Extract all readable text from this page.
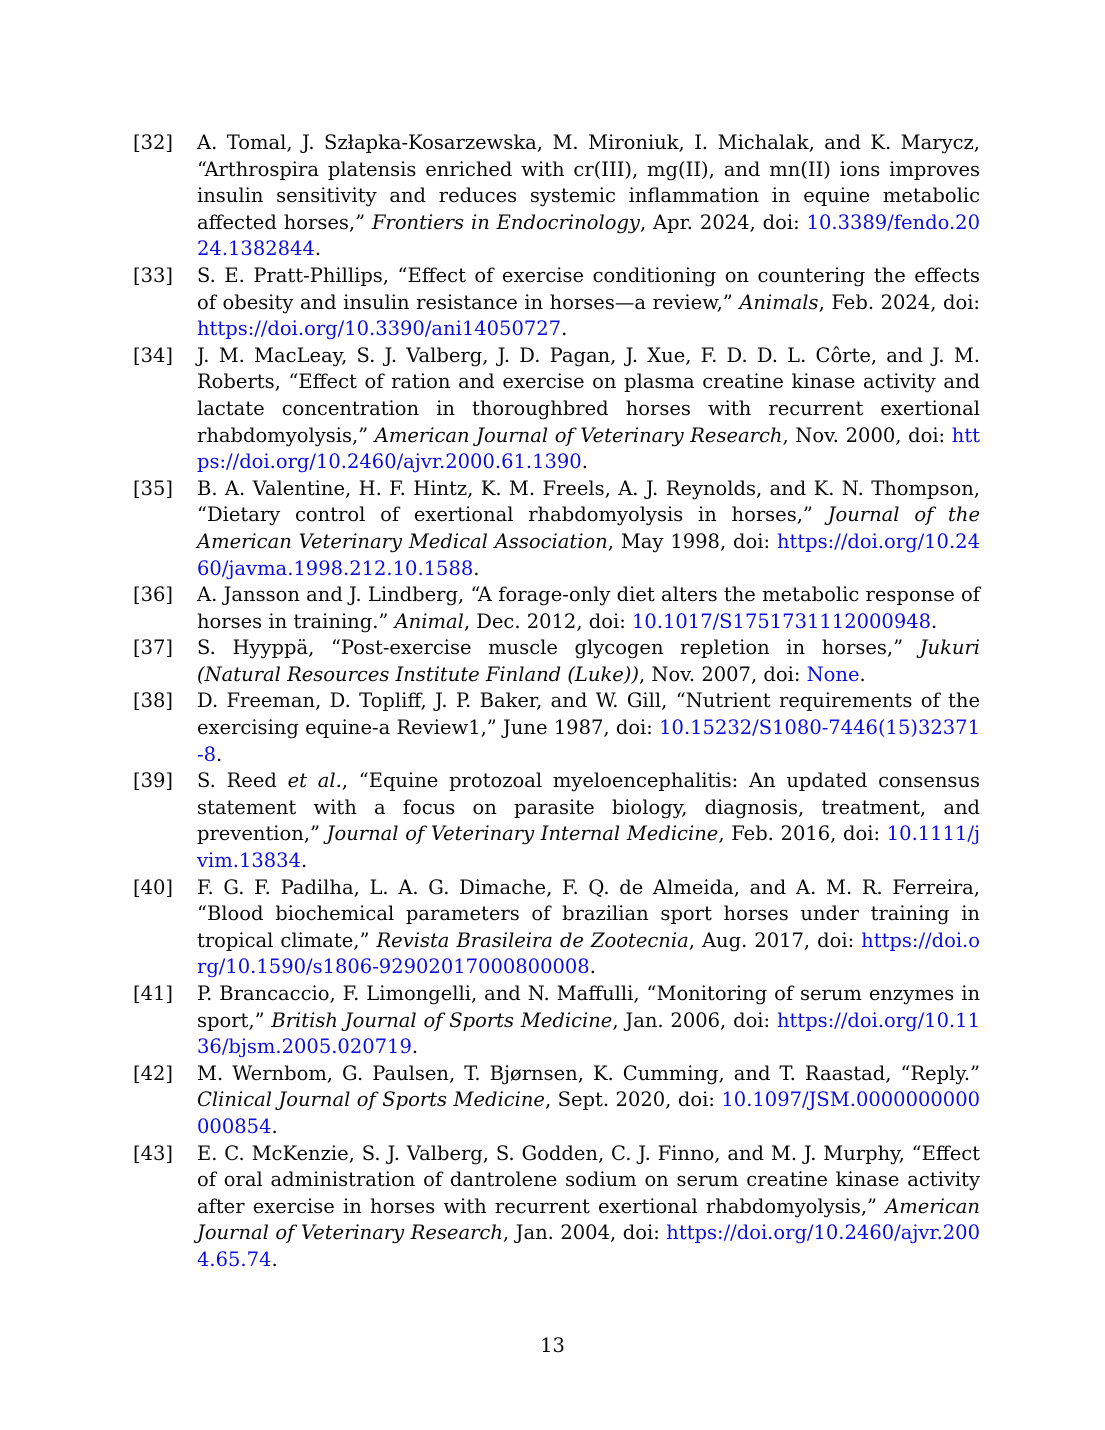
[32] A. Tomal, J. Szłapka-Kosarzewska, M. Mironiuk, I. Michalak, and K. Marycz, “Arthrospira platensis enriched with cr(III), mg(II), and mn(II) ions improves insulin sensitivity and reduces systemic inflammation in equine metabolic affected horses,” Frontiers in Endocrinology, Apr. 2024, doi: 10.3389/fendo.2024.1382844.
[33] S. E. Pratt-Phillips, “Effect of exercise conditioning on countering the effects of obesity and insulin resistance in horses—a review,” Animals, Feb. 2024, doi: https://doi.org/10.3390/ani14050727.
[34] J. M. MacLeay, S. J. Valberg, J. D. Pagan, J. Xue, F. D. D. L. Côrte, and J. M. Roberts, “Effect of ration and exercise on plasma creatine kinase activity and lactate concentration in thoroughbred horses with recurrent exertional rhabdomyolysis,” American Journal of Veterinary Research, Nov. 2000, doi: https://doi.org/10.2460/ajvr.2000.61.1390.
[35] B. A. Valentine, H. F. Hintz, K. M. Freels, A. J. Reynolds, and K. N. Thompson, “Dietary control of exertional rhabdomyolysis in horses,” Journal of the American Veterinary Medical Association, May 1998, doi: https://doi.org/10.2460/javma.1998.212.10.1588.
[36] A. Jansson and J. Lindberg, “A forage-only diet alters the metabolic response of horses in training.” Animal, Dec. 2012, doi: 10.1017/S1751731112000948.
[37] S. Hyyppä, “Post-exercise muscle glycogen repletion in horses,” Jukuri (Natural Resources Institute Finland (Luke)), Nov. 2007, doi: None.
[38] D. Freeman, D. Topliff, J. P. Baker, and W. Gill, “Nutrient requirements of the exercising equine-a Review1,” June 1987, doi: 10.15232/S1080-7446(15)32371-8.
[39] S. Reed et al., “Equine protozoal myeloencephalitis: An updated consensus statement with a focus on parasite biology, diagnosis, treatment, and prevention,” Journal of Veterinary Internal Medicine, Feb. 2016, doi: 10.1111/jvim.13834.
[40] F. G. F. Padilha, L. A. G. Dimache, F. Q. de Almeida, and A. M. R. Ferreira, “Blood biochemical parameters of brazilian sport horses under training in tropical climate,” Revista Brasileira de Zootecnia, Aug. 2017, doi: https://doi.org/10.1590/s1806-92902017000800008.
[41] P. Brancaccio, F. Limongelli, and N. Maffulli, “Monitoring of serum enzymes in sport,” British Journal of Sports Medicine, Jan. 2006, doi: https://doi.org/10.1136/bjsm.2005.020719.
[42] M. Wernbom, G. Paulsen, T. Bjørnsen, K. Cumming, and T. Raastad, “Reply.” Clinical Journal of Sports Medicine, Sept. 2020, doi: 10.1097/JSM.0000000000000854.
[43] E. C. McKenzie, S. J. Valberg, S. Godden, C. J. Finno, and M. J. Murphy, “Effect of oral administration of dantrolene sodium on serum creatine kinase activity after exercise in horses with recurrent exertional rhabdomyolysis,” American Journal of Veterinary Research, Jan. 2004, doi: https://doi.org/10.2460/ajvr.2004.65.74.
13
